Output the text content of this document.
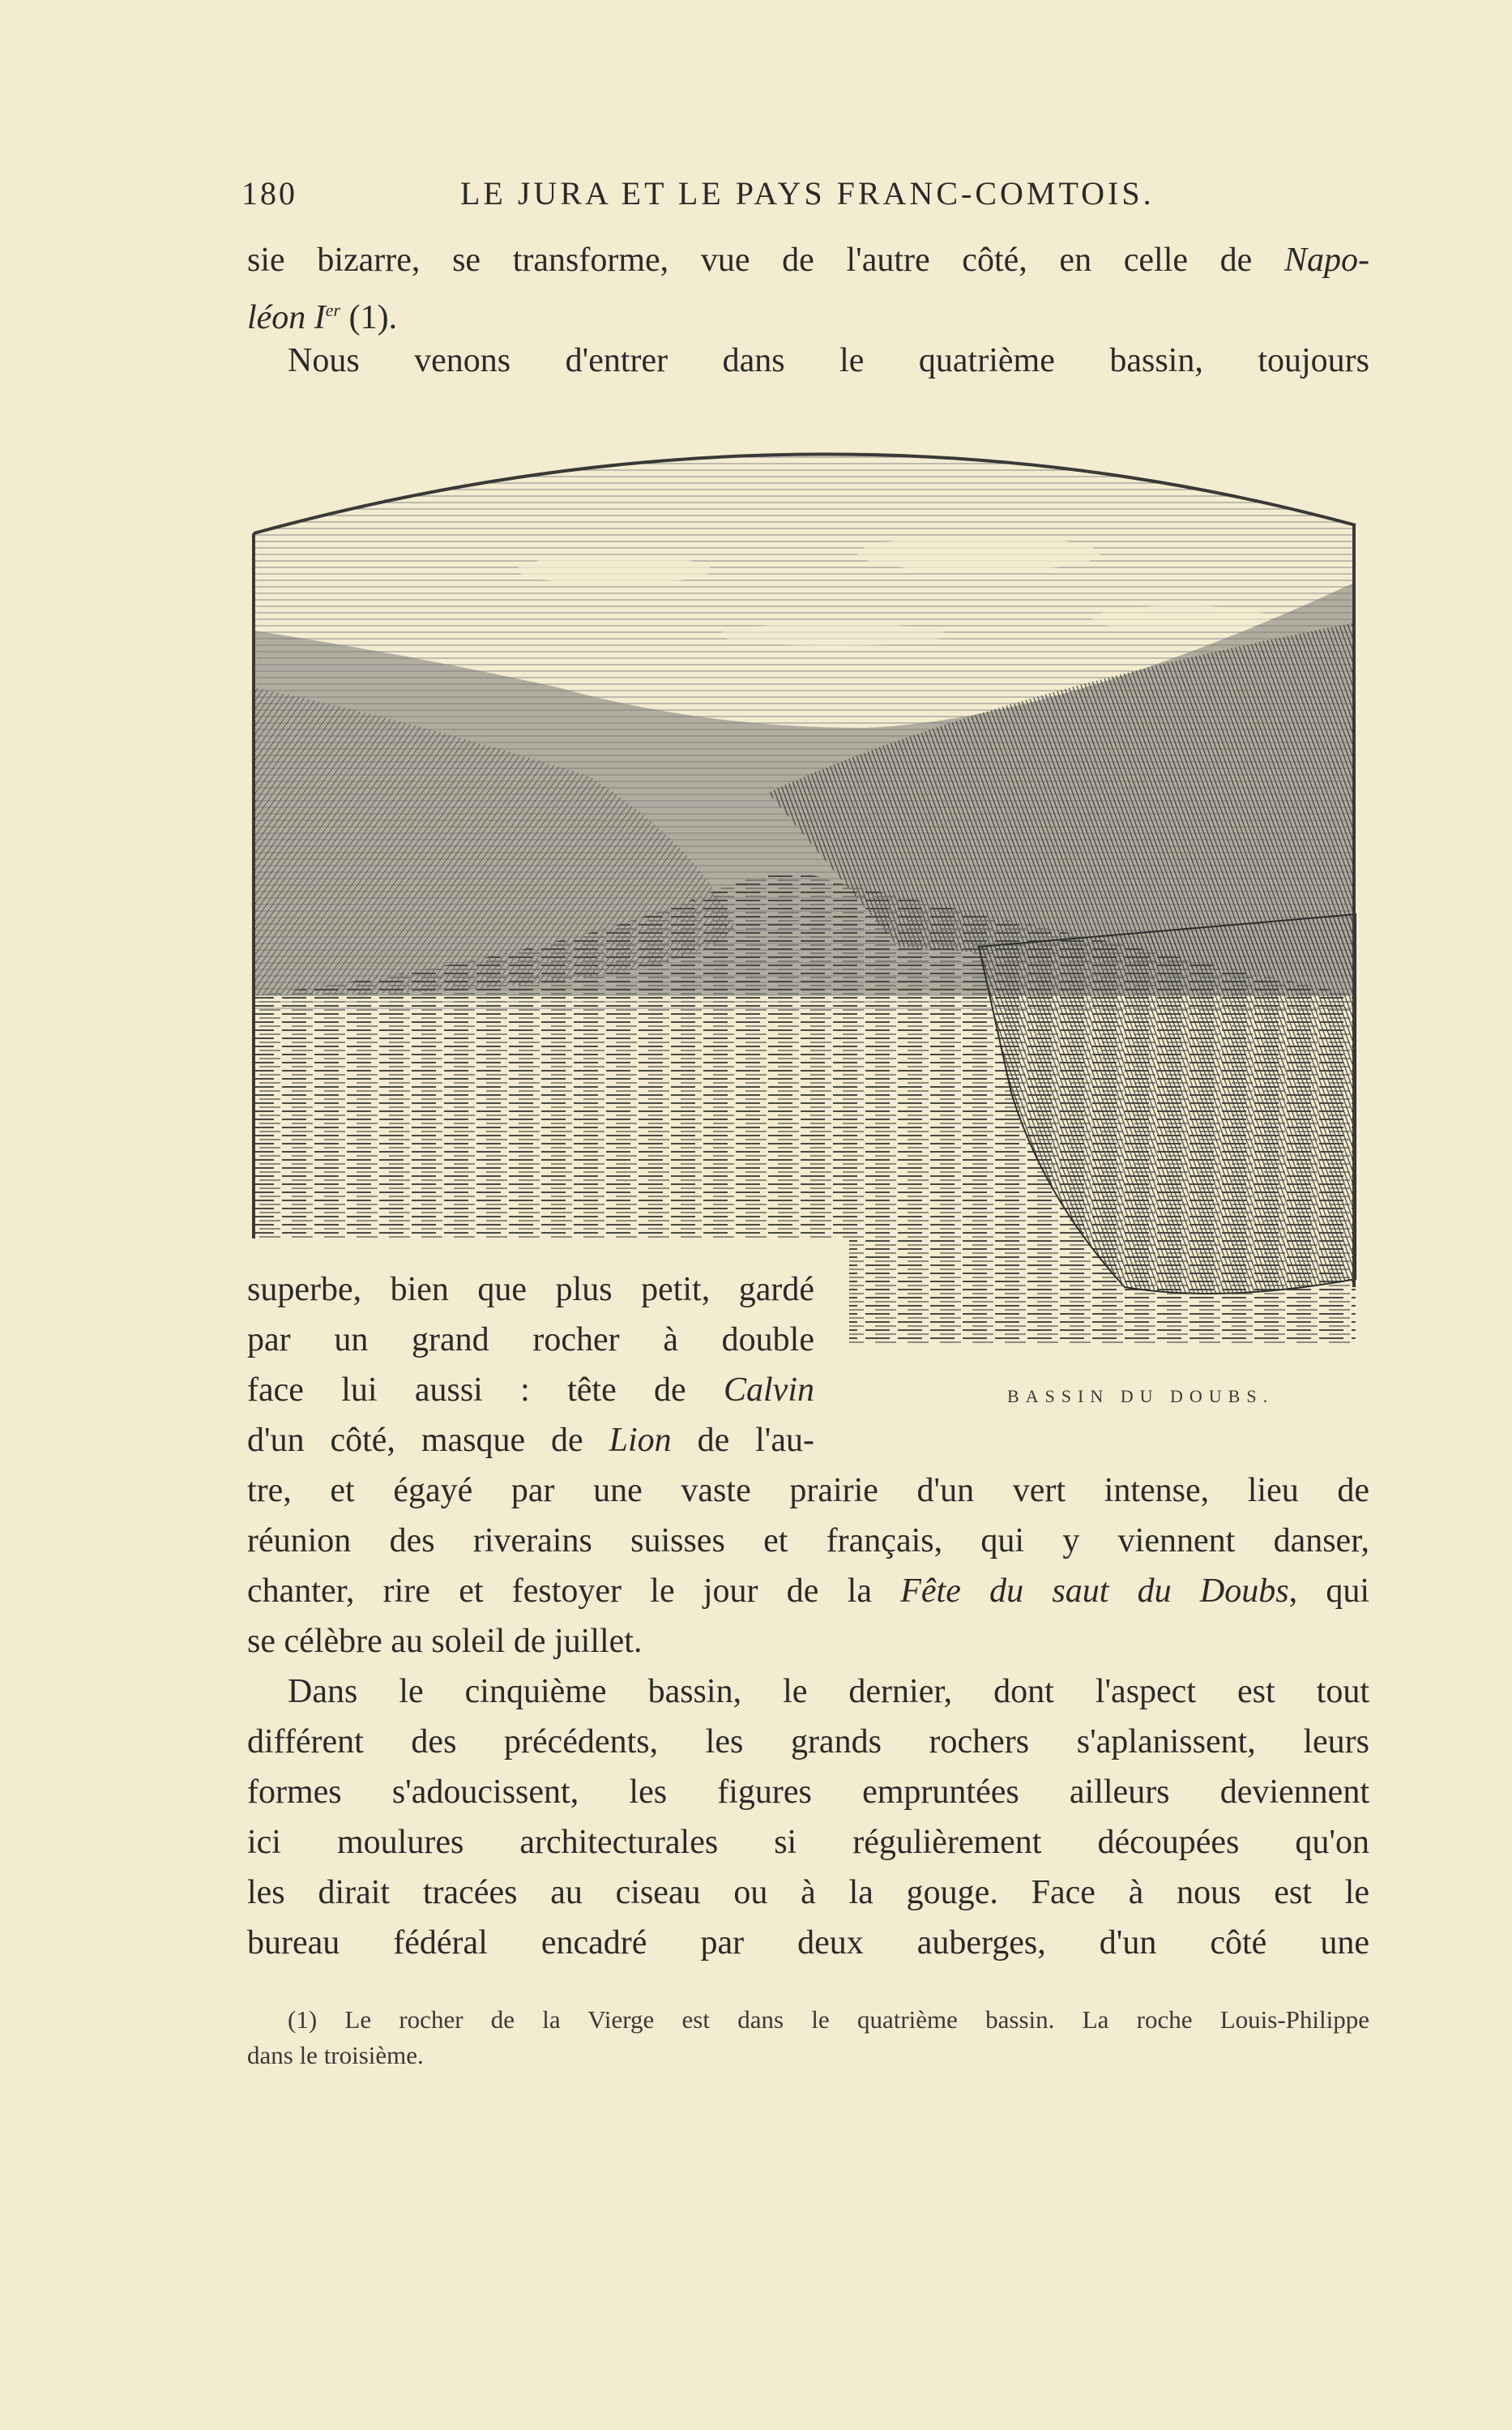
180	LE JURA ET LE PAYS FRANC-COMTOIS.
sie bizarre, se transforme, vue de l'autre côté, en celle de Napo-
léon Ier (1).
Nous venons d'entrer dans le quatrième bassin, toujours
BASSIN DU DOUBS.
superbe, bien que plus petit, gardé
par un grand rocher à double
face lui aussi : tête de Calvin
d'un côté, masque de Lion de l'au-
tre, et égayé par une vaste prairie d'un vert intense, lieu de
réunion des riverains suisses et français, qui y viennent danser,
chanter, rire et festoyer le jour de la Fête du saut du Doubs, qui
se célèbre au soleil de juillet.
Dans le cinquième bassin, le dernier, dont l'aspect est tout
différent des précédents, les grands rochers s'aplanissent, leurs
formes s'adoucissent, les figures empruntées ailleurs deviennent
ici moulures architecturales si régulièrement découpées qu'on
les dirait tracées au ciseau ou à la gouge. Face à nous est le
bureau fédéral encadré par deux auberges, d'un côté une
(1) Le rocher de la Vierge est dans le quatrième bassin. La roche Louis-Philippe
dans le troisième.
